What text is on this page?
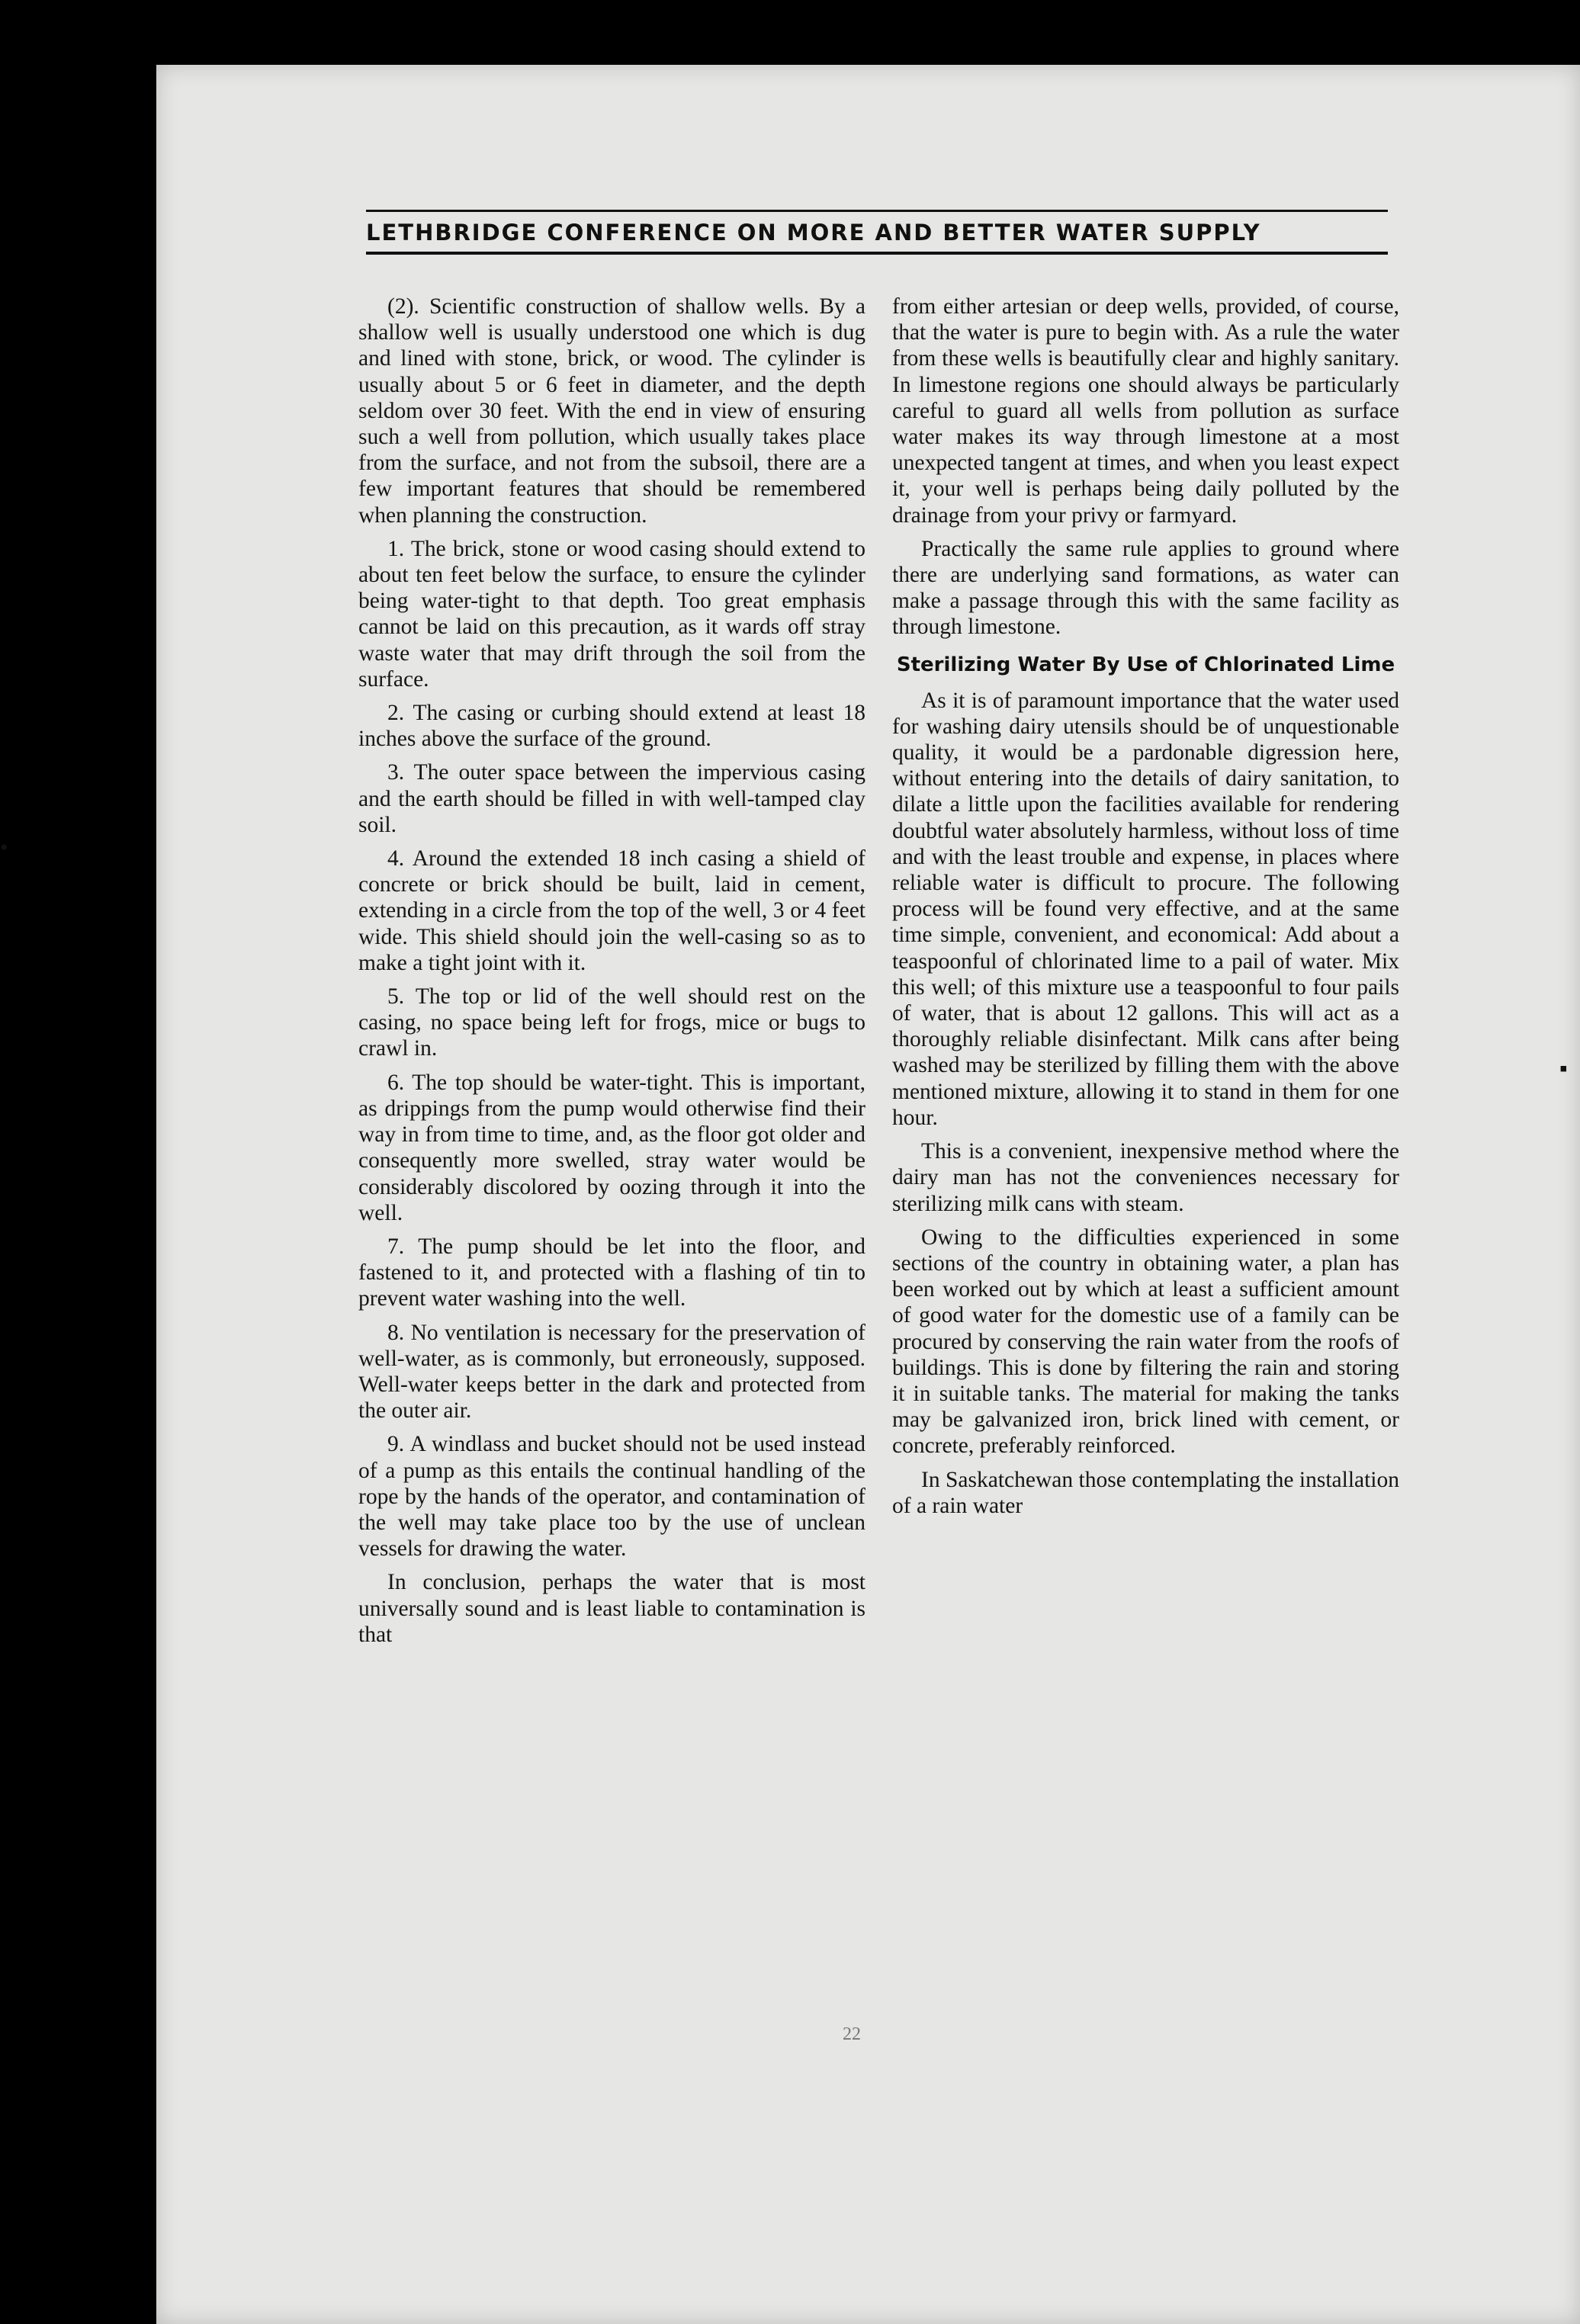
LETHBRIDGE CONFERENCE ON MORE AND BETTER WATER SUPPLY

(2). Scientific construction of shallow wells. By a shallow well is usually understood one which is dug and lined with stone, brick, or wood. The cylinder is usually about 5 or 6 feet in diameter, and the depth seldom over 30 feet. With the end in view of ensuring such a well from pollution, which usually takes place from the surface, and not from the subsoil, there are a few important features that should be remembered when planning the construction.

1. The brick, stone or wood casing should extend to about ten feet below the surface, to ensure the cylinder being water-tight to that depth. Too great emphasis cannot be laid on this precaution, as it wards off stray waste water that may drift through the soil from the surface.

2. The casing or curbing should extend at least 18 inches above the surface of the ground.

3. The outer space between the impervious casing and the earth should be filled in with well-tamped clay soil.

4. Around the extended 18 inch casing a shield of concrete or brick should be built, laid in cement, extending in a circle from the top of the well, 3 or 4 feet wide. This shield should join the well-casing so as to make a tight joint with it.

5. The top or lid of the well should rest on the casing, no space being left for frogs, mice or bugs to crawl in.

6. The top should be water-tight. This is important, as drippings from the pump would otherwise find their way in from time to time, and, as the floor got older and consequently more swelled, stray water would be considerably discolored by oozing through it into the well.

7. The pump should be let into the floor, and fastened to it, and protected with a flashing of tin to prevent water washing into the well.

8. No ventilation is necessary for the preservation of well-water, as is commonly, but erroneously, supposed. Well-water keeps better in the dark and protected from the outer air.

9. A windlass and bucket should not be used instead of a pump as this entails the continual handling of the rope by the hands of the operator, and contamination of the well may take place too by the use of unclean vessels for drawing the water.

In conclusion, perhaps the water that is most universally sound and is least liable to contamination is that

from either artesian or deep wells, provided, of course, that the water is pure to begin with. As a rule the water from these wells is beautifully clear and highly sanitary. In limestone regions one should always be particularly careful to guard all wells from pollution as surface water makes its way through limestone at a most unexpected tangent at times, and when you least expect it, your well is perhaps being daily polluted by the drainage from your privy or farmyard.

Practically the same rule applies to ground where there are underlying sand formations, as water can make a passage through this with the same facility as through limestone.

Sterilizing Water By Use of Chlorinated Lime

As it is of paramount importance that the water used for washing dairy utensils should be of unquestionable quality, it would be a pardonable digression here, without entering into the details of dairy sanitation, to dilate a little upon the facilities available for rendering doubtful water absolutely harmless, without loss of time and with the least trouble and expense, in places where reliable water is difficult to procure. The following process will be found very effective, and at the same time simple, convenient, and economical: Add about a teaspoonful of chlorinated lime to a pail of water. Mix this well; of this mixture use a teaspoonful to four pails of water, that is about 12 gallons. This will act as a thoroughly reliable disinfectant. Milk cans after being washed may be sterilized by filling them with the above mentioned mixture, allowing it to stand in them for one hour.

This is a convenient, inexpensive method where the dairy man has not the conveniences necessary for sterilizing milk cans with steam.

Owing to the difficulties experienced in some sections of the country in obtaining water, a plan has been worked out by which at least a sufficient amount of good water for the domestic use of a family can be procured by conserving the rain water from the roofs of buildings. This is done by filtering the rain and storing it in suitable tanks. The material for making the tanks may be galvanized iron, brick lined with cement, or concrete, preferably reinforced.

In Saskatchewan those contemplating the installation of a rain water

22
•
▪
